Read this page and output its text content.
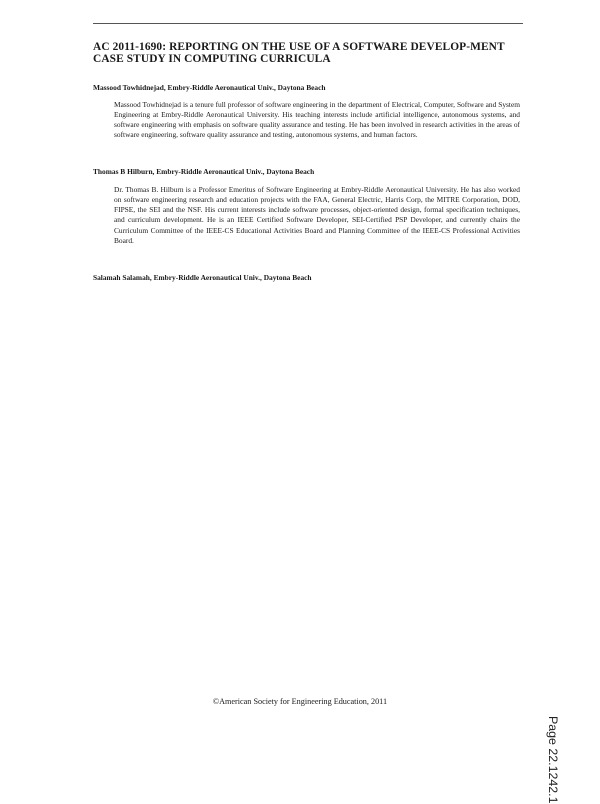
AC 2011-1690: REPORTING ON THE USE OF A SOFTWARE DEVELOP-MENT CASE STUDY IN COMPUTING CURRICULA
Massood Towhidnejad, Embry-Riddle Aeronautical Univ., Daytona Beach

Massood Towhidnejad is a tenure full professor of software engineering in the department of Electrical, Computer, Software and System Engineering at Embry-Riddle Aeronautical University. His teaching interests include artificial intelligence, autonomous systems, and software engineering with emphasis on software quality assurance and testing. He has been involved in research activities in the areas of software engineering, software quality assurance and testing, autonomous systems, and human factors.

Thomas B Hilburn, Embry-Riddle Aeronautical Univ., Daytona Beach

Dr. Thomas B. Hilburn is a Professor Emeritus of Software Engineering at Embry-Riddle Aeronautical University. He has also worked on software engineering research and education projects with the FAA, General Electric, Harris Corp, the MITRE Corporation, DOD, FIPSE, the SEI and the NSF. His current interests include software processes, object-oriented design, formal specification techniques, and curriculum development. He is an IEEE Certified Software Developer, SEI-Certified PSP Developer, and currently chairs the Curriculum Committee of the IEEE-CS Educational Activities Board and Planning Committee of the IEEE-CS Professional Activities Board.

Salamah Salamah, Embry-Riddle Aeronautical Univ., Daytona Beach
©American Society for Engineering Education, 2011
Page 22.1242.1
